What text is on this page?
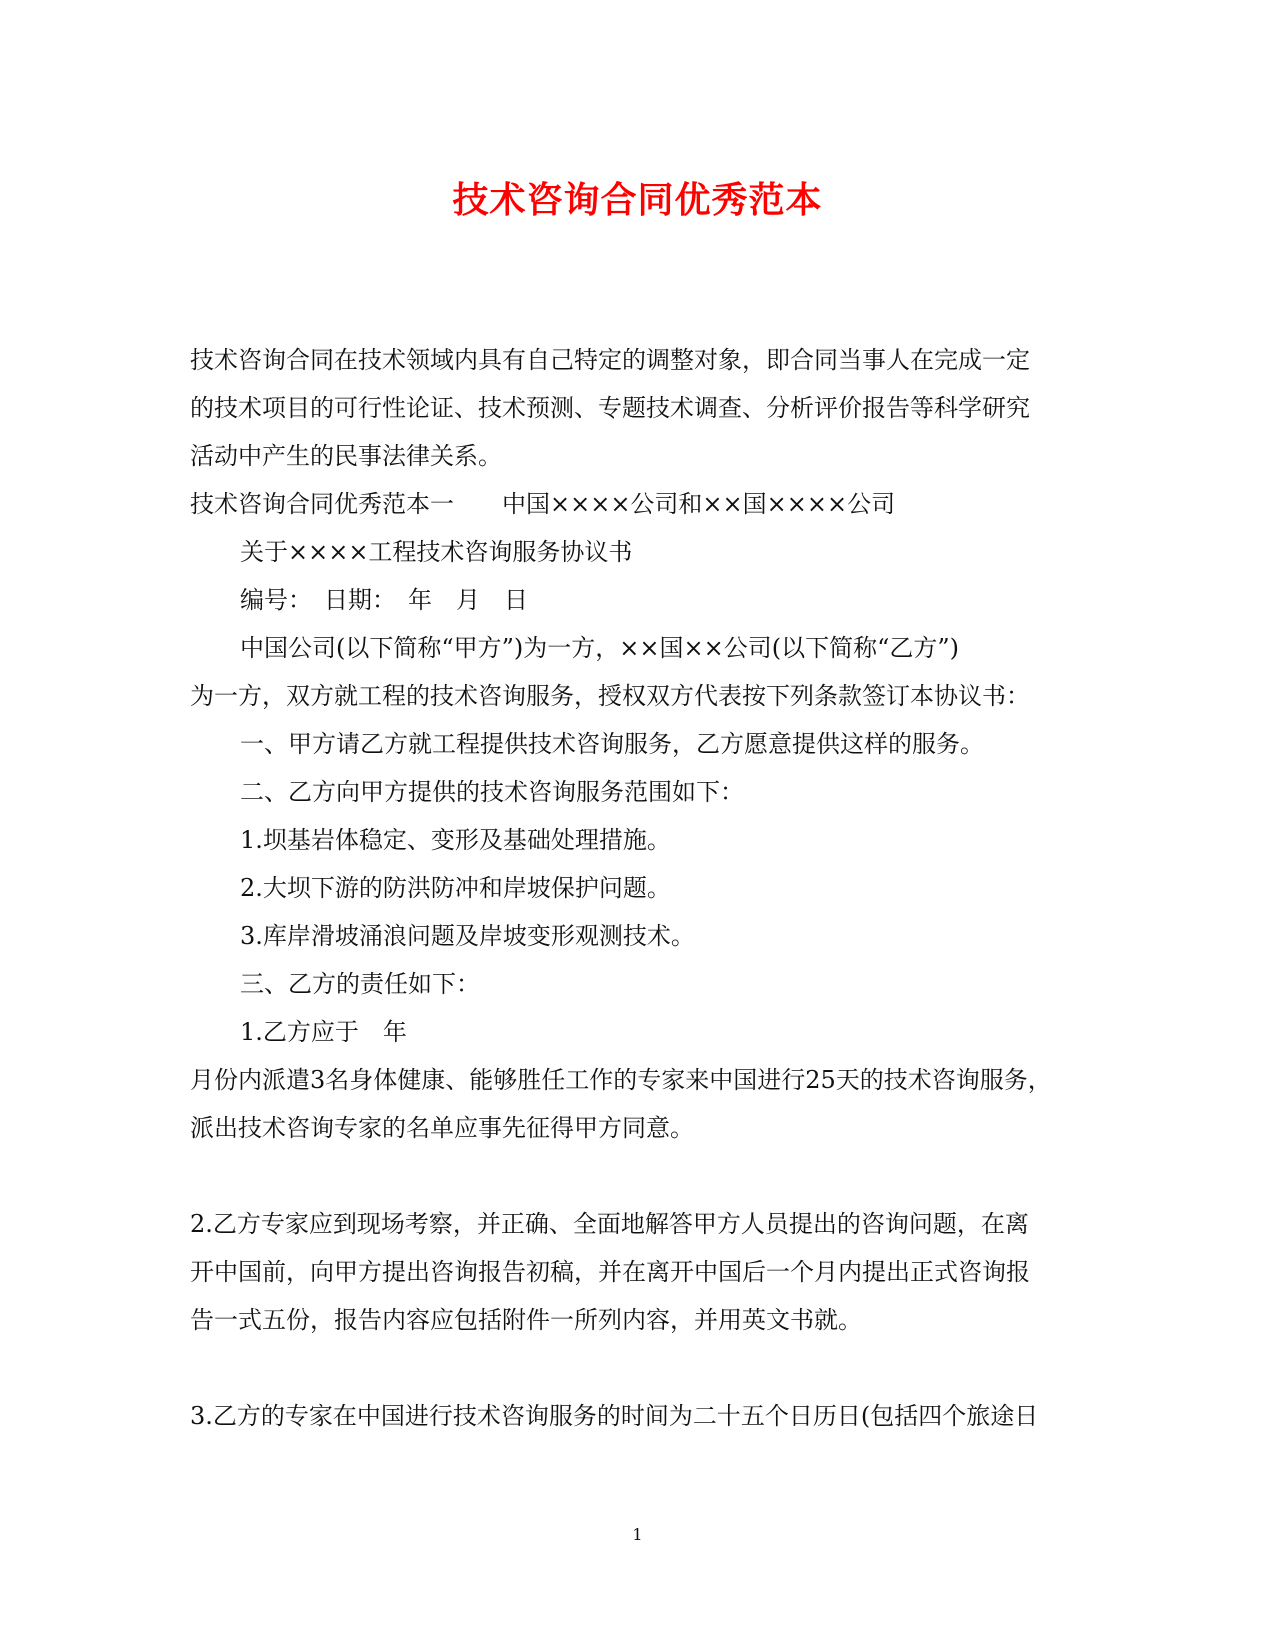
技术咨询合同优秀范本
技术咨询合同在技术领域内具有自己特定的调整对象，即合同当事人在完成一定
的技术项目的可行性论证、技术预测、专题技术调查、分析评价报告等科学研究
活动中产生的民事法律关系。
技术咨询合同优秀范本一　　中国××××公司和××国××××公司
关于××××工程技术咨询服务协议书
编号：　日期：　年　月　日
中国公司(以下简称“甲方”)为一方，××国××公司(以下简称“乙方”)
为一方，双方就工程的技术咨询服务，授权双方代表按下列条款签订本协议书：
一、甲方请乙方就工程提供技术咨询服务，乙方愿意提供这样的服务。
二、乙方向甲方提供的技术咨询服务范围如下：
1.坝基岩体稳定、变形及基础处理措施。
2.大坝下游的防洪防冲和岸坡保护问题。
3.库岸滑坡涌浪问题及岸坡变形观测技术。
三、乙方的责任如下：
1.乙方应于　年
月份内派遣3名身体健康、能够胜任工作的专家来中国进行25天的技术咨询服务，
派出技术咨询专家的名单应事先征得甲方同意。
2.乙方专家应到现场考察，并正确、全面地解答甲方人员提出的咨询问题，在离
开中国前，向甲方提出咨询报告初稿，并在离开中国后一个月内提出正式咨询报
告一式五份，报告内容应包括附件一所列内容，并用英文书就。
3.乙方的专家在中国进行技术咨询服务的时间为二十五个日历日(包括四个旅途日
1
